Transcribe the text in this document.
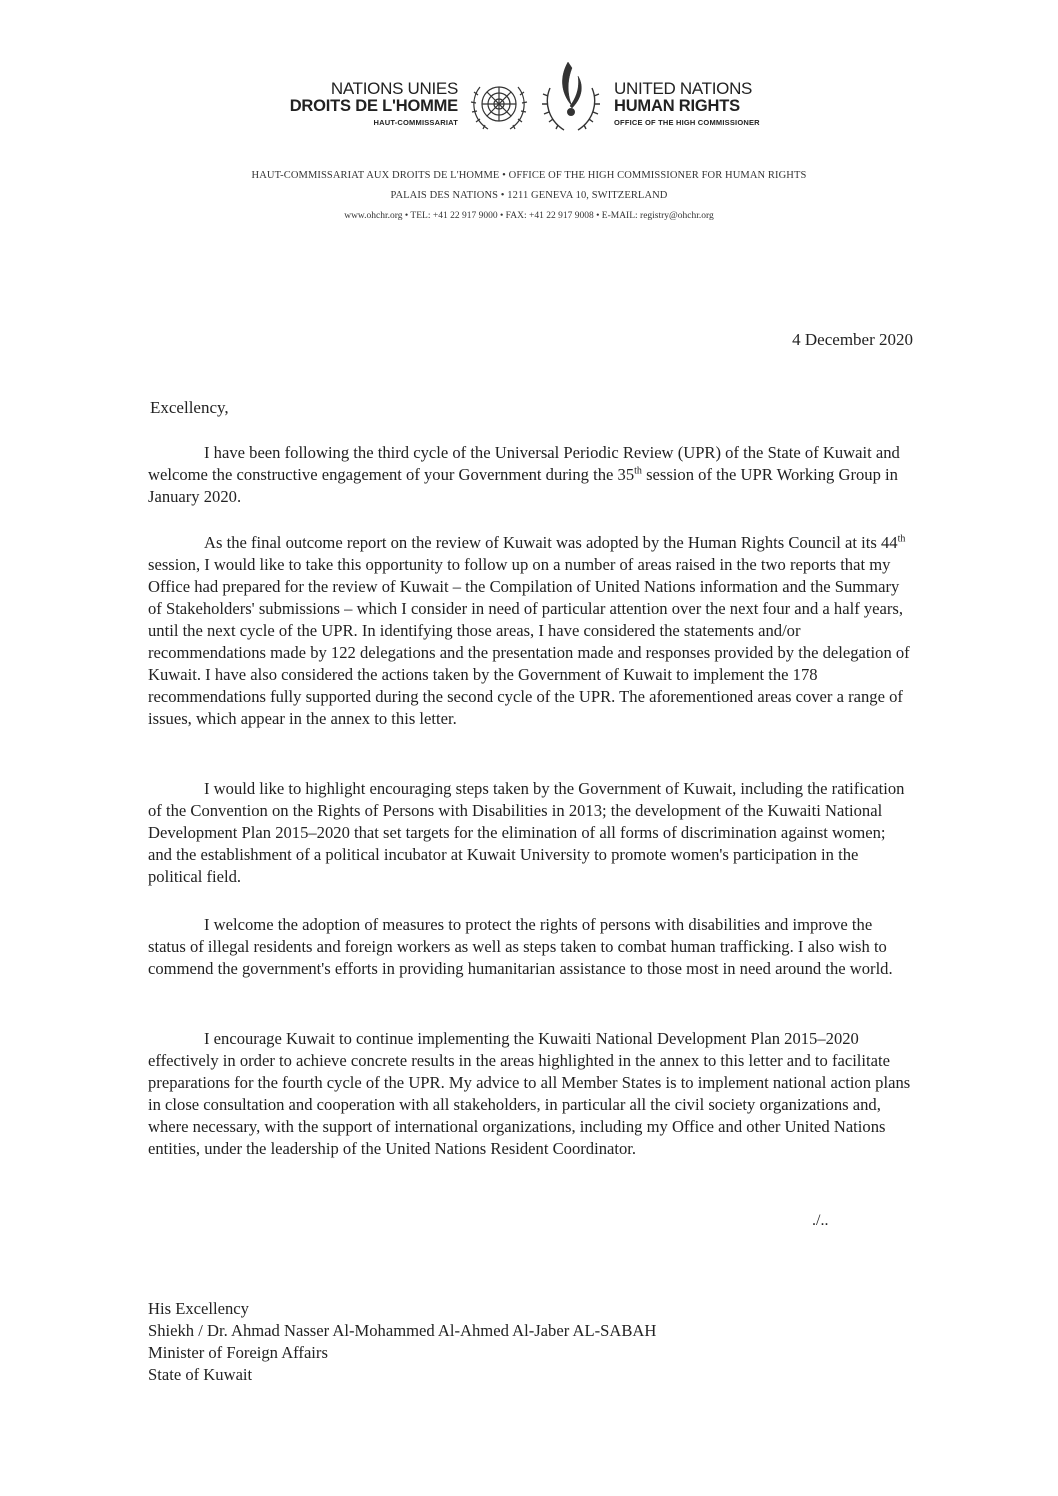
NATIONS UNIES
DROITS DE L'HOMME
HAUT-COMMISSARIAT
UNITED NATIONS
HUMAN RIGHTS
OFFICE OF THE HIGH COMMISSIONER
HAUT-COMMISSARIAT AUX DROITS DE L'HOMME • OFFICE OF THE HIGH COMMISSIONER FOR HUMAN RIGHTS
PALAIS DES NATIONS • 1211 GENEVA 10, SWITZERLAND
www.ohchr.org • TEL: +41 22 917 9000 • FAX: +41 22 917 9008 • E-MAIL: registry@ohchr.org
4 December 2020
Excellency,
I have been following the third cycle of the Universal Periodic Review (UPR) of the State of Kuwait and welcome the constructive engagement of your Government during the 35th session of the UPR Working Group in January 2020.
As the final outcome report on the review of Kuwait was adopted by the Human Rights Council at its 44th session, I would like to take this opportunity to follow up on a number of areas raised in the two reports that my Office had prepared for the review of Kuwait – the Compilation of United Nations information and the Summary of Stakeholders' submissions – which I consider in need of particular attention over the next four and a half years, until the next cycle of the UPR. In identifying those areas, I have considered the statements and/or recommendations made by 122 delegations and the presentation made and responses provided by the delegation of Kuwait. I have also considered the actions taken by the Government of Kuwait to implement the 178 recommendations fully supported during the second cycle of the UPR. The aforementioned areas cover a range of issues, which appear in the annex to this letter.
I would like to highlight encouraging steps taken by the Government of Kuwait, including the ratification of the Convention on the Rights of Persons with Disabilities in 2013; the development of the Kuwaiti National Development Plan 2015–2020 that set targets for the elimination of all forms of discrimination against women; and the establishment of a political incubator at Kuwait University to promote women's participation in the political field.
I welcome the adoption of measures to protect the rights of persons with disabilities and improve the status of illegal residents and foreign workers as well as steps taken to combat human trafficking. I also wish to commend the government's efforts in providing humanitarian assistance to those most in need around the world.
I encourage Kuwait to continue implementing the Kuwaiti National Development Plan 2015–2020 effectively in order to achieve concrete results in the areas highlighted in the annex to this letter and to facilitate preparations for the fourth cycle of the UPR. My advice to all Member States is to implement national action plans in close consultation and cooperation with all stakeholders, in particular all the civil society organizations and, where necessary, with the support of international organizations, including my Office and other United Nations entities, under the leadership of the United Nations Resident Coordinator.
./..
His Excellency
Shiekh / Dr. Ahmad Nasser Al-Mohammed Al-Ahmed Al-Jaber AL-SABAH
Minister of Foreign Affairs
State of Kuwait
